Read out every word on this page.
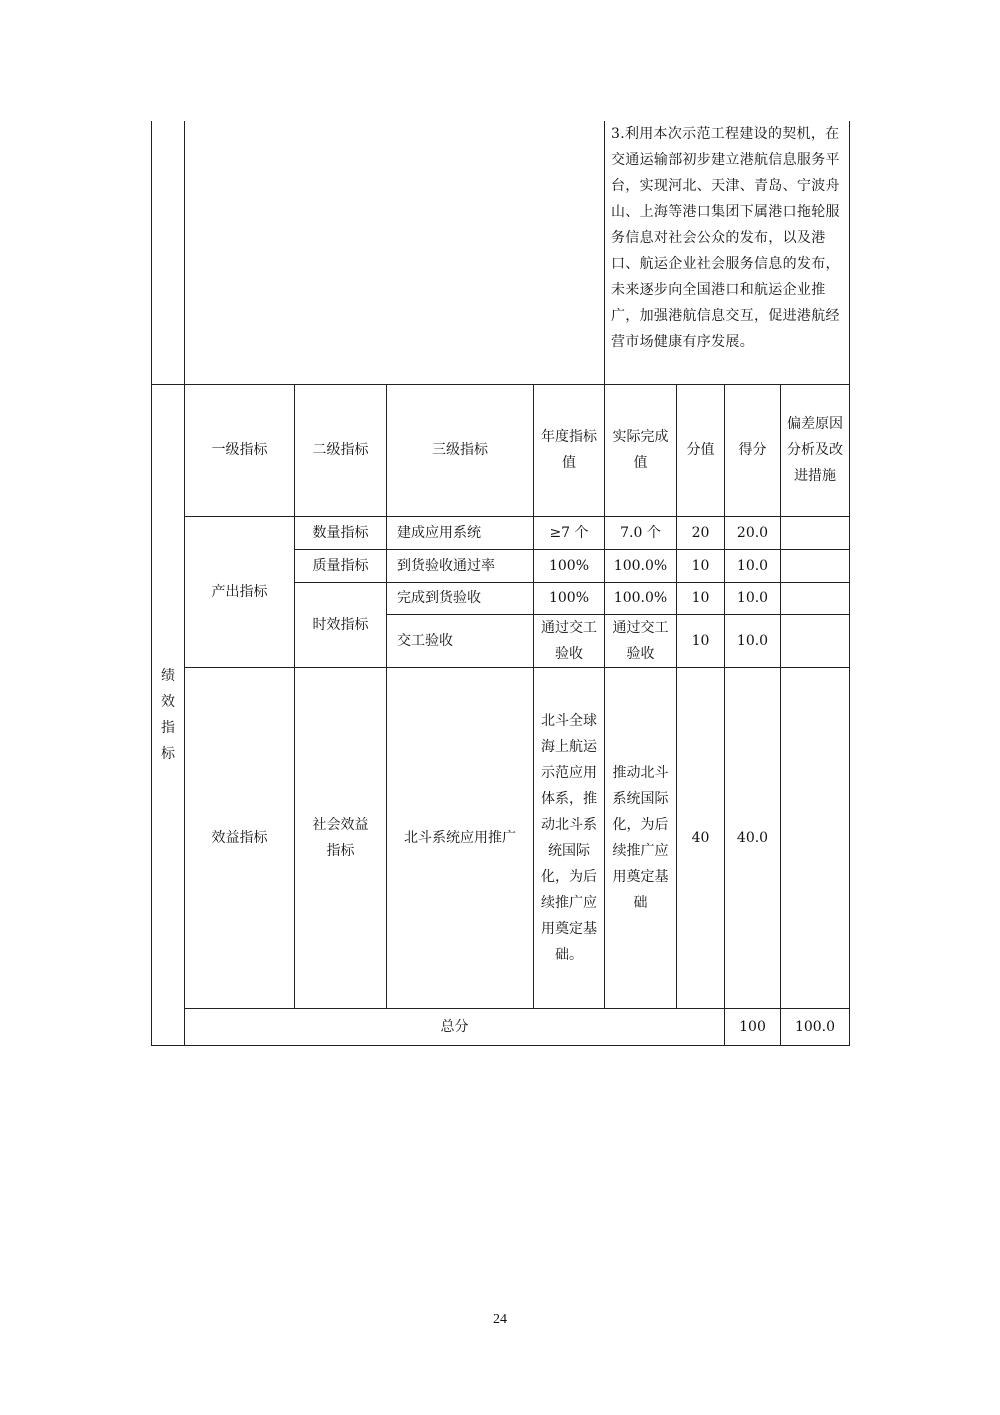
					3.利用本次示范工程建设的契机，在交通运输部初步建立港航信息服务平台，实现河北、天津、青岛、宁波舟山、上海等港口集团下属港口拖轮服务信息对社会公众的发布，以及港口、航运企业社会服务信息的发布，未来逐步向全国港口和航运企业推广，加强港航信息交互，促进港航经营市场健康有序发展。				

绩效指标	一级指标	二级指标	三级指标	年度指标值	实际完成值	分值	得分	偏差原因分析及改进措施	
	产出指标	数量指标	建成应用系统	≥7 个	7.0 个	20	20.0		
		质量指标	到货验收通过率	100%	100.0%	10	10.0		
		时效指标	完成到货验收	100%	100.0%	10	10.0		
			交工验收	通过交工验收	通过交工验收	10	10.0		
	效益指标	社会效益指标	北斗系统应用推广	北斗全球海上航运示范应用体系，推动北斗系统国际化，为后续推广应用奠定基础。	推动北斗系统国际化，为后续推广应用奠定基础	40	40.0		
	总分						100	100.0	
24
